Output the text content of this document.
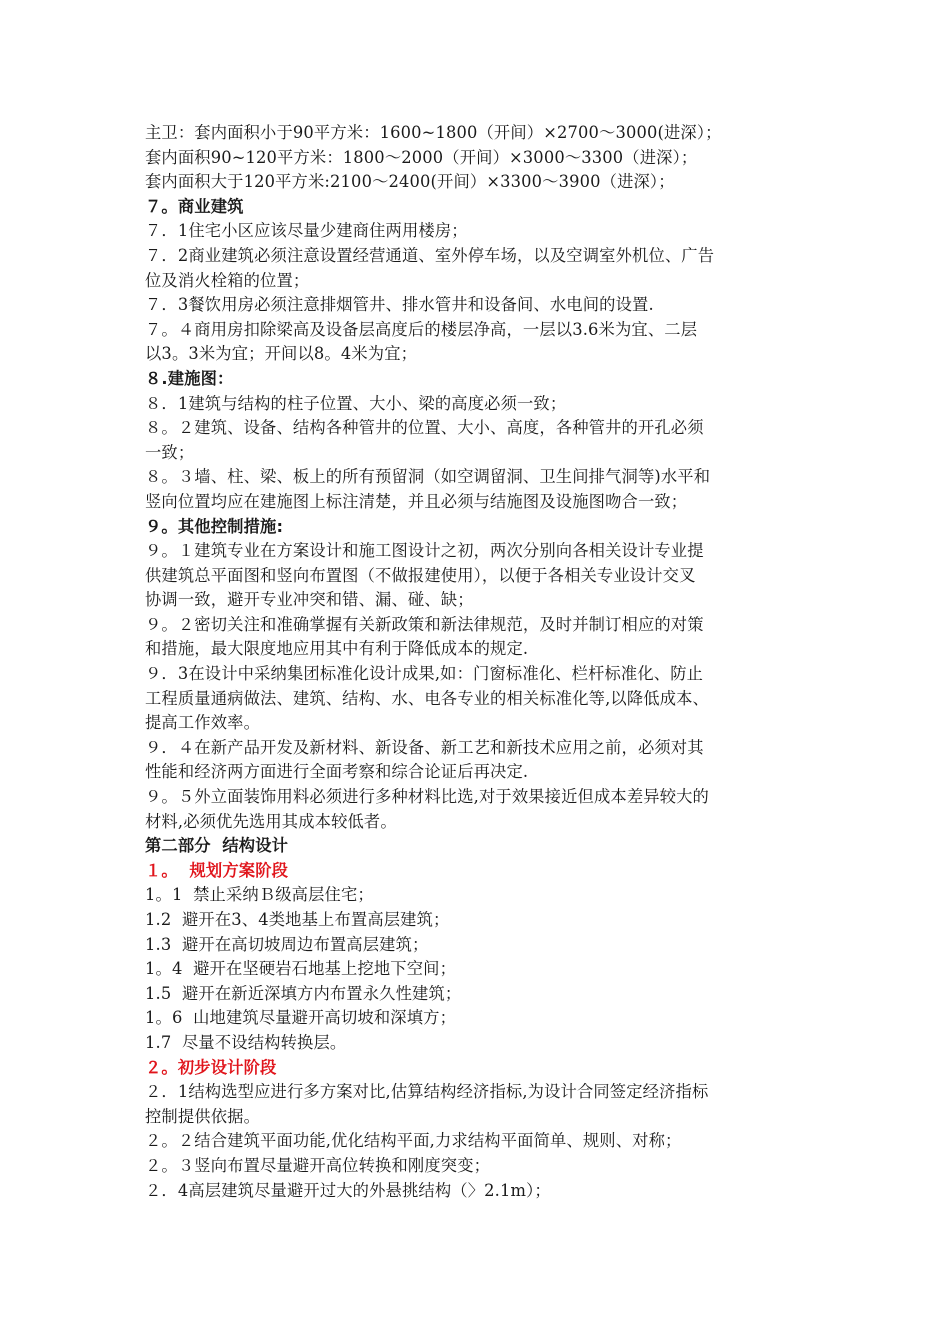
主卫：套内面积小于90平方米：1600~1800（开间）×2700～3000(进深）；

套内面积90~120平方米：1800～2000（开间）×3000～3300（进深）；

套内面积大于120平方米:2100～2400(开间）×3300～3900（进深）；

７。商业建筑

７．1住宅小区应该尽量少建商住两用楼房；

７．2商业建筑必须注意设置经营通道、室外停车场，以及空调室外机位、广告

位及消火栓箱的位置；

７．3餐饮用房必须注意排烟管井、排水管井和设备间、水电间的设置.

７。４商用房扣除梁高及设备层高度后的楼层净高，一层以3.6米为宜、二层

以3。3米为宜；开间以8。4米为宜；

８.建施图：

８．1建筑与结构的柱子位置、大小、梁的高度必须一致；

８。２建筑、设备、结构各种管井的位置、大小、高度，各种管井的开孔必须

一致；

８。３墙、柱、梁、板上的所有预留洞（如空调留洞、卫生间排气洞等)水平和

竖向位置均应在建施图上标注清楚，并且必须与结施图及设施图吻合一致；

９。其他控制措施:

９。１建筑专业在方案设计和施工图设计之初，两次分别向各相关设计专业提

供建筑总平面图和竖向布置图（不做报建使用），以便于各相关专业设计交叉

协调一致，避开专业冲突和错、漏、碰、缺；

９。２密切关注和准确掌握有关新政策和新法律规范，及时并制订相应的对策

和措施，最大限度地应用其中有利于降低成本的规定.

９．3在设计中采纳集团标准化设计成果,如：门窗标准化、栏杆标准化、防止

工程质量通病做法、建筑、结构、水、电各专业的相关标准化等,以降低成本、

提高工作效率。

９．４在新产品开发及新材料、新设备、新工艺和新技术应用之前，必须对其

性能和经济两方面进行全面考察和综合论证后再决定.

９。５外立面装饰用料必须进行多种材料比选,对于效果接近但成本差异较大的

材料,必须优先选用其成本较低者。

第二部分  结构设计

１。  规划方案阶段

1。1  禁止采纳Ｂ级高层住宅；

1.2  避开在3、4类地基上布置高层建筑；

1.3  避开在高切坡周边布置高层建筑；

1。4  避开在坚硬岩石地基上挖地下空间；

1.5  避开在新近深填方内布置永久性建筑；

1。6  山地建筑尽量避开高切坡和深填方；

1.7  尽量不设结构转换层。

２。初步设计阶段

２．1结构选型应进行多方案对比,估算结构经济指标,为设计合同签定经济指标

控制提供依据。

２。２结合建筑平面功能,优化结构平面,力求结构平面简单、规则、对称；

２。３竖向布置尽量避开高位转换和刚度突变；

２．4高层建筑尽量避开过大的外悬挑结构（〉2.1m）；
